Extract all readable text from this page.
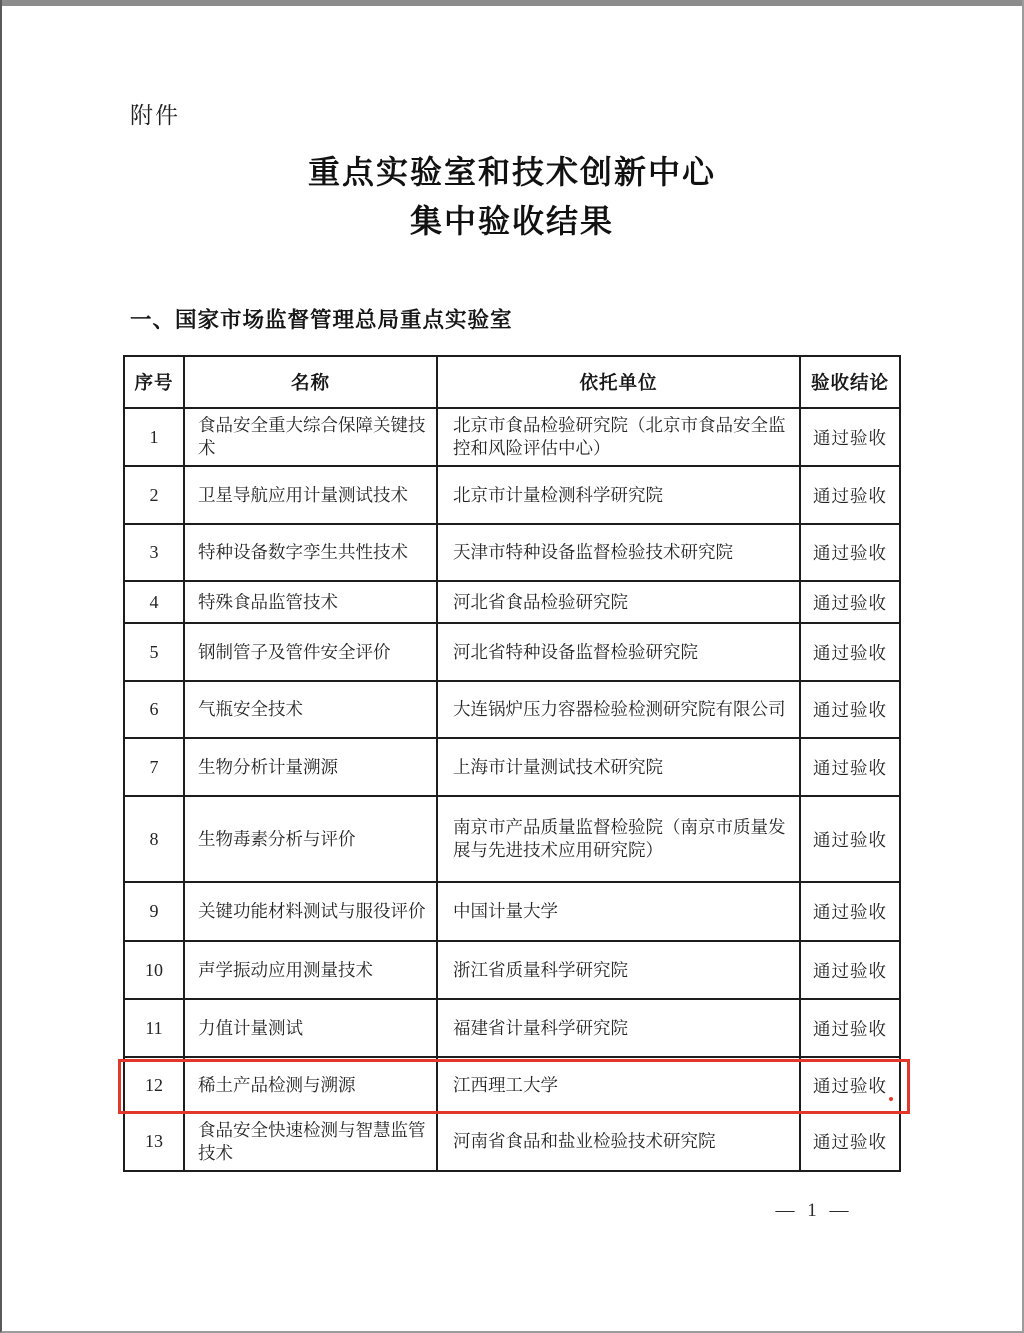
附件
重点实验室和技术创新中心
集中验收结果
一、国家市场监督管理总局重点实验室
序号	名称	依托单位	验收结论
1	食品安全重大综合保障关键技术	北京市食品检验研究院（北京市食品安全监控和风险评估中心）	通过验收
2	卫星导航应用计量测试技术	北京市计量检测科学研究院	通过验收
3	特种设备数字孪生共性技术	天津市特种设备监督检验技术研究院	通过验收
4	特殊食品监管技术	河北省食品检验研究院	通过验收
5	钢制管子及管件安全评价	河北省特种设备监督检验研究院	通过验收
6	气瓶安全技术	大连锅炉压力容器检验检测研究院有限公司	通过验收
7	生物分析计量溯源	上海市计量测试技术研究院	通过验收
8	生物毒素分析与评价	南京市产品质量监督检验院（南京市质量发展与先进技术应用研究院）	通过验收
9	关键功能材料测试与服役评价	中国计量大学	通过验收
10	声学振动应用测量技术	浙江省质量科学研究院	通过验收
11	力值计量测试	福建省计量科学研究院	通过验收
12	稀土产品检测与溯源	江西理工大学	通过验收
13	食品安全快速检测与智慧监管技术	河南省食品和盐业检验技术研究院	通过验收
— 1 —
